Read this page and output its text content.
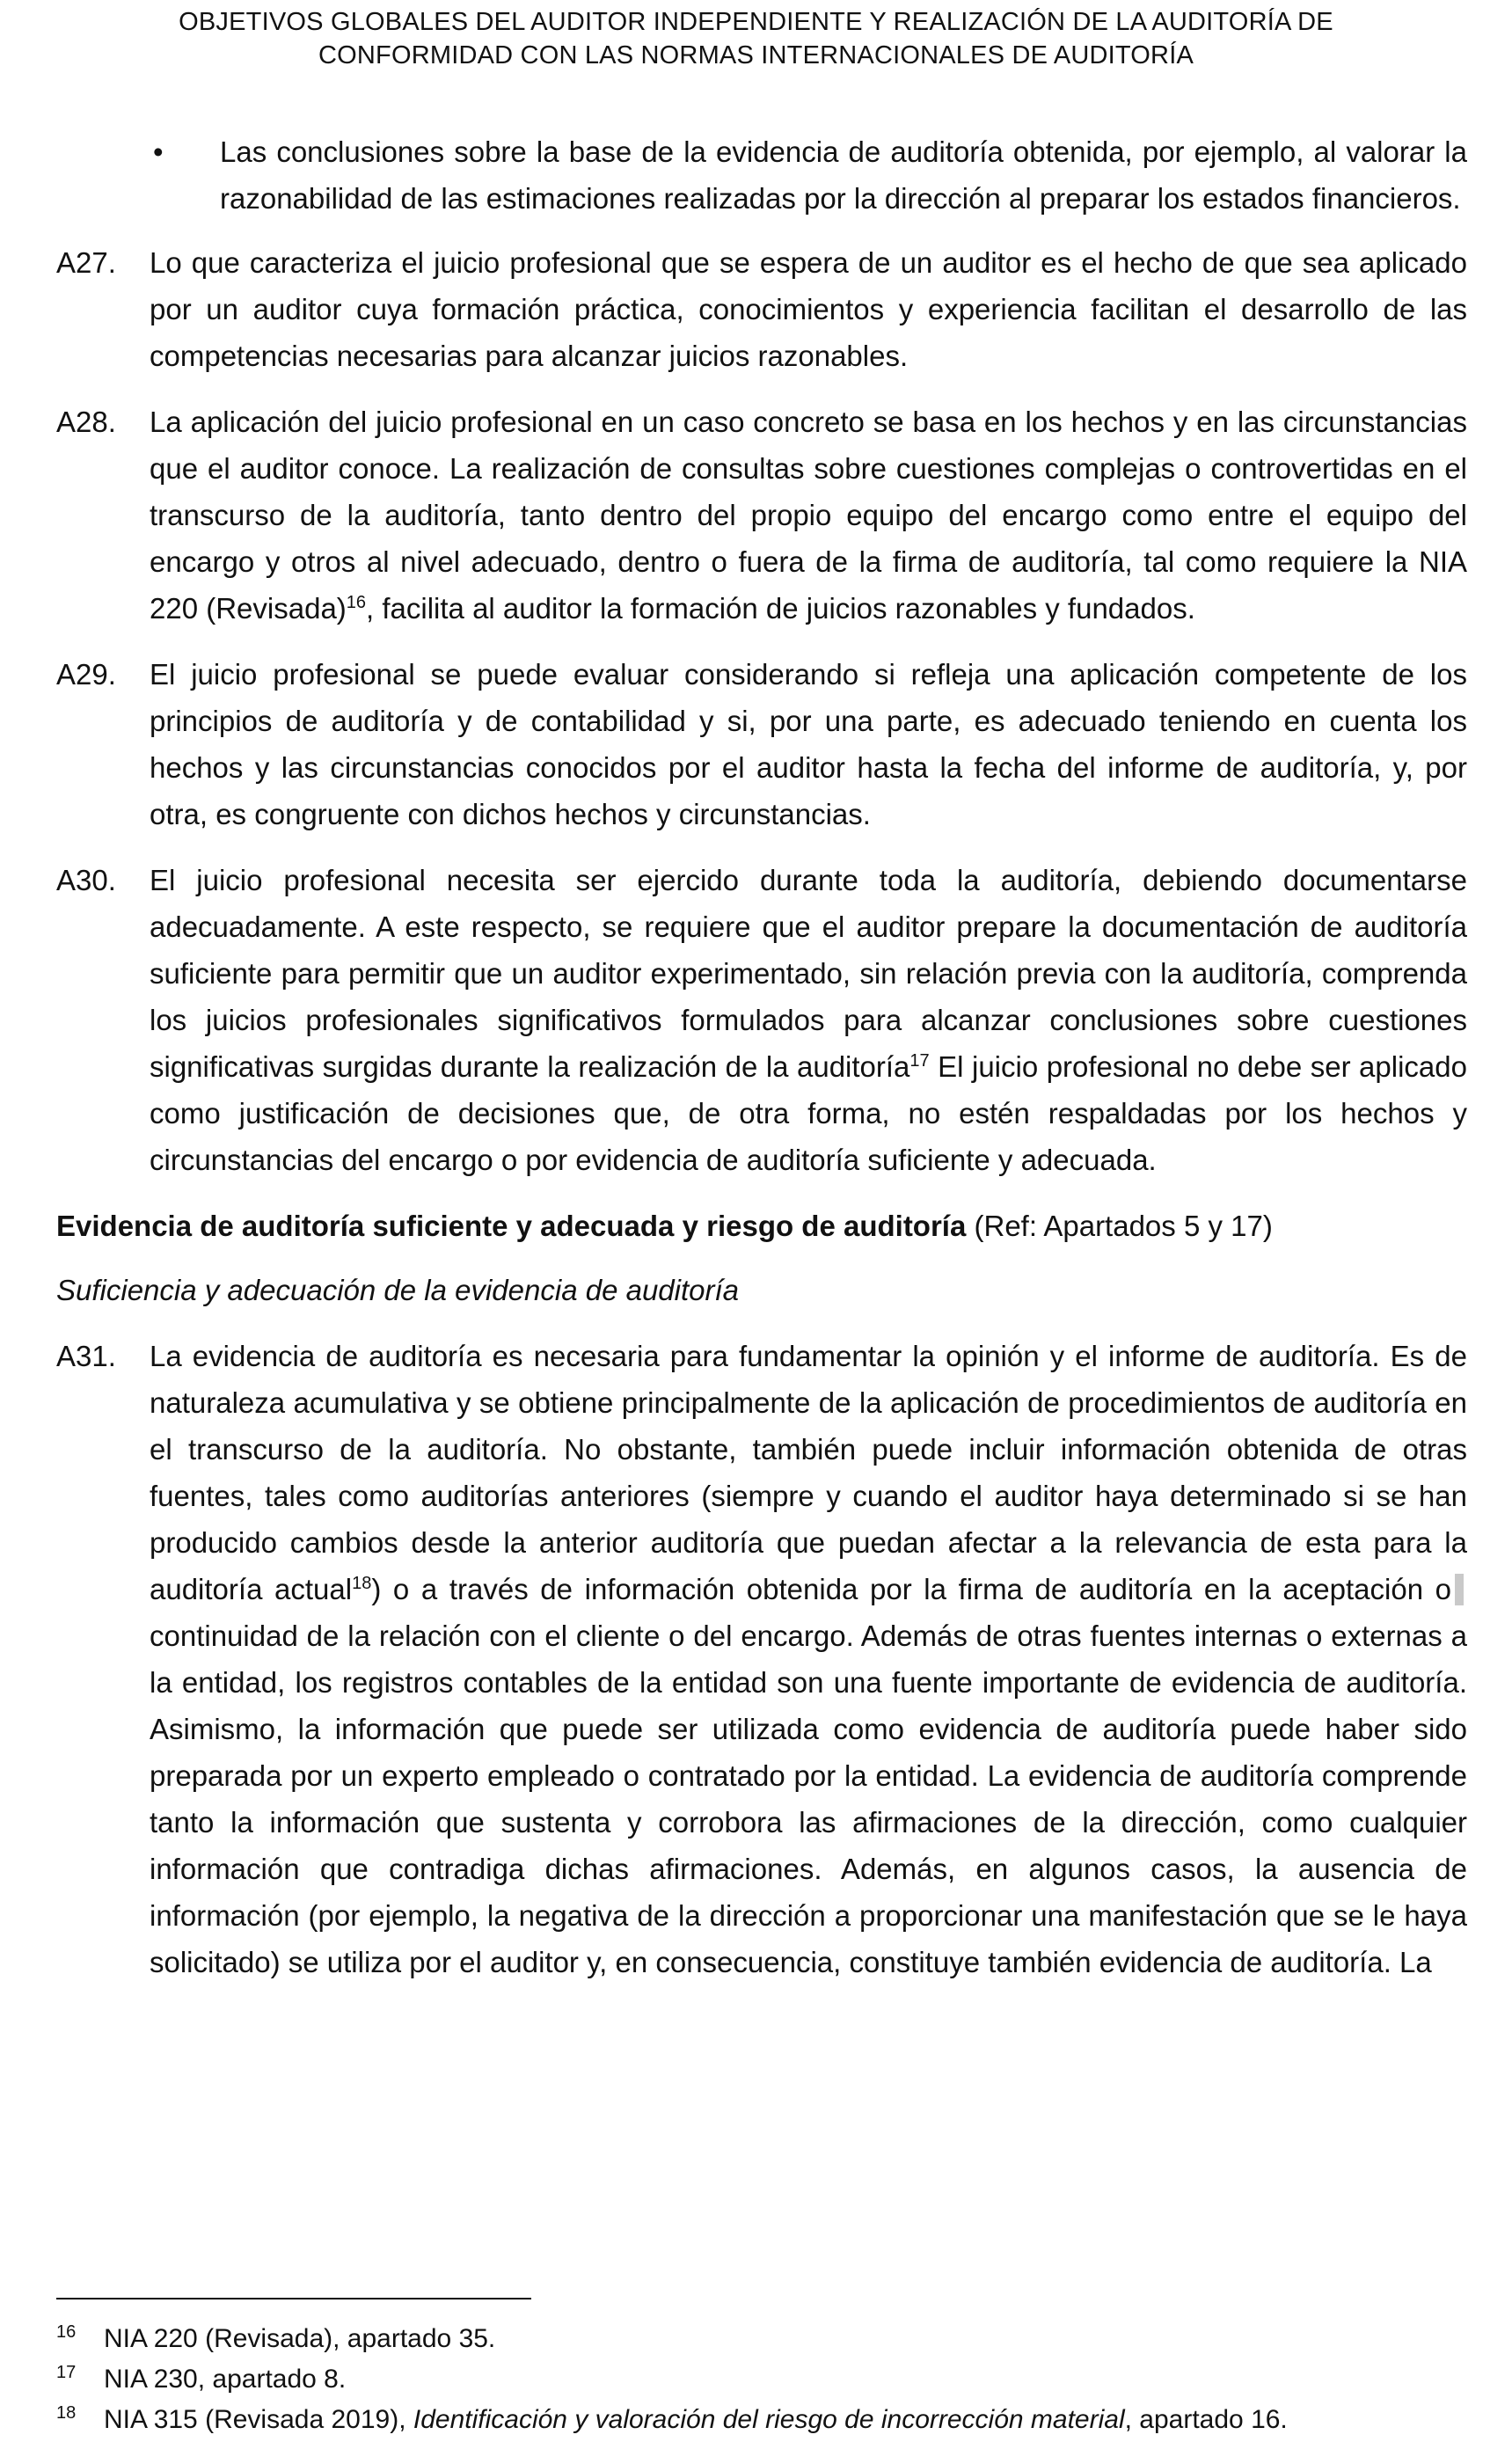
OBJETIVOS GLOBALES DEL AUDITOR INDEPENDIENTE Y REALIZACIÓN DE LA AUDITORÍA DE
CONFORMIDAD CON LAS NORMAS INTERNACIONALES DE AUDITORÍA

• Las conclusiones sobre la base de la evidencia de auditoría obtenida, por ejemplo, al valorar la razonabilidad de las estimaciones realizadas por la dirección al preparar los estados financieros.

A27. Lo que caracteriza el juicio profesional que se espera de un auditor es el hecho de que sea aplicado por un auditor cuya formación práctica, conocimientos y experiencia facilitan el desarrollo de las competencias necesarias para alcanzar juicios razonables.

A28. La aplicación del juicio profesional en un caso concreto se basa en los hechos y en las circunstancias que el auditor conoce. La realización de consultas sobre cuestiones complejas o controvertidas en el transcurso de la auditoría, tanto dentro del propio equipo del encargo como entre el equipo del encargo y otros al nivel adecuado, dentro o fuera de la firma de auditoría, tal como requiere la NIA 220 (Revisada)$^{16}$, facilita al auditor la formación de juicios razonables y fundados.

A29. El juicio profesional se puede evaluar considerando si refleja una aplicación competente de los principios de auditoría y de contabilidad y si, por una parte, es adecuado teniendo en cuenta los hechos y las circunstancias conocidos por el auditor hasta la fecha del informe de auditoría, y, por otra, es congruente con dichos hechos y circunstancias.

A30. El juicio profesional necesita ser ejercido durante toda la auditoría, debiendo documentarse adecuadamente. A este respecto, se requiere que el auditor prepare la documentación de auditoría suficiente para permitir que un auditor experimentado, sin relación previa con la auditoría, comprenda los juicios profesionales significativos formulados para alcanzar conclusiones sobre cuestiones significativas surgidas durante la realización de la auditoría$^{17}$ El juicio profesional no debe ser aplicado como justificación de decisiones que, de otra forma, no estén respaldadas por los hechos y circunstancias del encargo o por evidencia de auditoría suficiente y adecuada.

Evidencia de auditoría suficiente y adecuada y riesgo de auditoría (Ref: Apartados 5 y 17)

Suficiencia y adecuación de la evidencia de auditoría

A31. La evidencia de auditoría es necesaria para fundamentar la opinión y el informe de auditoría. Es de naturaleza acumulativa y se obtiene principalmente de la aplicación de procedimientos de auditoría en el transcurso de la auditoría. No obstante, también puede incluir información obtenida de otras fuentes, tales como auditorías anteriores (siempre y cuando el auditor haya determinado si se han producido cambios desde la anterior auditoría que puedan afectar a la relevancia de esta para la auditoría actual$^{18}$) o a través de información obtenida por la firma de auditoría en la aceptación ocontinuidad de la relación con el cliente o del encargo. Además de otras fuentes internas o externas a la entidad, los registros contables de la entidad son una fuente importante de evidencia de auditoría. Asimismo, la información que puede ser utilizada como evidencia de auditoría puede haber sido preparada por un experto empleado o contratado por la entidad. La evidencia de auditoría comprende tanto la información que sustenta y corrobora las afirmaciones de la dirección, como cualquier información que contradiga dichas afirmaciones. Además, en algunos casos, la ausencia de información (por ejemplo, la negativa de la dirección a proporcionar una manifestación que se le haya solicitado) se utiliza por el auditor y, en consecuencia, constituye también evidencia de auditoría. La

16 NIA 220 (Revisada), apartado 35.
17 NIA 230, apartado 8.
18 NIA 315 (Revisada 2019), Identificación y valoración del riesgo de incorrección material, apartado 16.
